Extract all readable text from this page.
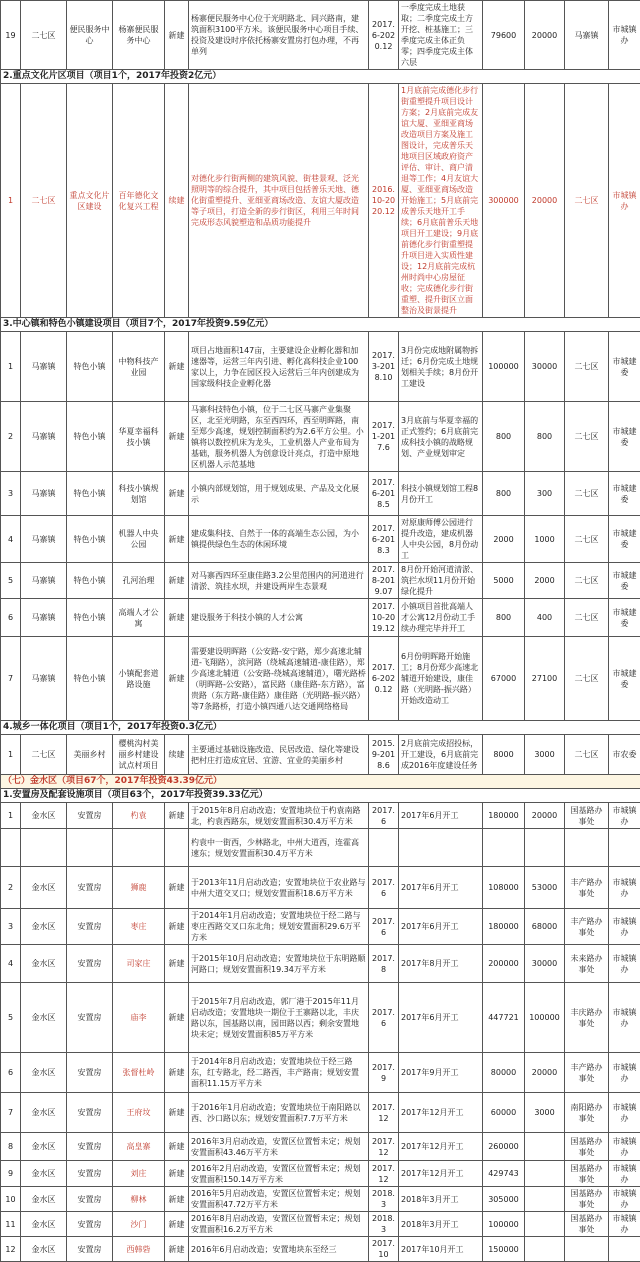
19	二七区	便民服务中心	杨寨便民服务中心	新建	杨寨便民服务中心位于光明路北、同兴路南，建筑面积3100平方米。该便民服务中心项目手续、投资及建设时序依托杨寨安置房打包办理，不再单列	2017.6-2020.12	一季度完成土地获取；二季度完成土方开挖、桩基施工；三季度完成主体正负零；四季度完成主体六层	79600	20000	马寨镇	市城镇办
2.重点文化片区项目（项目1个，2017年投资2亿元）											
1	二七区	重点文化片区建设	百年德化文化复兴工程	续建	对德化步行街两侧的建筑风貌、街巷景观、泛光照明等的综合提升，其中项目包括普乐天地、德化街重塑提升、亚细亚商场改造、友谊大厦改造等子项目，打造全新的步行街区，利用三年时间完成形态风貌塑造和品质功能提升	2016.10-2020.12	1月底前完成德化步行街重塑提升项目设计方案；2月底前完成友谊大厦、亚细亚商场改造项目方案及施工图设计，完成普乐天地项目区域政府资产评估、审计、商户清退等工作；4月友谊大厦、亚细亚商场改造开始施工；5月底前完成普乐天地开工手续；6月底前普乐天地项目开工建设；9月底前德化步行街重塑提升项目进入实质性建设；12月底前完成杭州时尚中心房屋征收；完成德化步行街重塑、提升街区立面整治及街景提升	300000	20000	二七区	市城镇办
3.中心镇和特色小镇建设项目（项目7个，2017年投资9.59亿元）											
1	马寨镇	特色小镇	中物科技产业园	新建	项目占地面积147亩，主要建设企业孵化器和加速器等，运营三年内引进、孵化高科技企业100家以上，力争在园区投入运营后三年内创建成为国家级科技企业孵化器	2017.3-2018.10	3月份完成地附属物拆迁；6月份完成土地规划相关手续；8月份开工建设	100000	30000	二七区	市城建委
2	马寨镇	特色小镇	华夏幸福科技小镇	新建	马寨科技特色小镇，位于二七区马寨产业集聚区，北至光明路，东至西四环，西至明晖路，南至郑少高速，规划控制面积约为2.6平方公里。小镇将以数控机床为龙头，工业机器人产业布局为基础，服务机器人为创意设计亮点，打造中原地区机器人示范基地	2017.1-2017.6	3月底前与华夏幸福的正式签约；6月底前完成科技小镇的战略规划、产业规划审定	800	800	二七区	市城建委
3	马寨镇	特色小镇	科技小镇规划馆	新建	小镇内部规划馆，用于规划成果、产品及文化展示	2017.6-2018.5	科技小镇规划馆工程8月份开工	800	300	二七区	市城建委
4	马寨镇	特色小镇	机器人中央公园	新建	建成集科技、自然于一体的高端生态公园，为小镇提供绿色生态的休闲环境	2017.6-2018.3	对原康师傅公园进行提升改造，建成机器人中央公园，8月份动工	2000	1000	二七区	市城建委
5	马寨镇	特色小镇	孔河治理	新建	对马寨西四环至康佳路3.2公里范围内的河道进行清淤、筑挂水坝，并建设两岸生态景观	2017.8-2019.07	8月份开始河道清淤、筑拦水坝11月份开始绿化提升	5000	2000	二七区	市城建委
6	马寨镇	特色小镇	高端人才公寓	新建	建设服务于科技小镇的人才公寓	2017.10-2019.12	小镇项目首批高端人才公寓12月份动工手续办理完毕并开工	800	400	二七区	市城建委
7	马寨镇	特色小镇	小镇配套道路设施	新建	需要建设明晖路（公安路-安宁路，郑少高速北辅道-飞翔路），滨河路（绕城高速辅道-康佳路），郑少高速北辅道（公安路-绕城高速辅道），曙光路桥（明晖路-公安路），富民路（康佳路-东方路），富贵路（东方路-康佳路）康佳路（光明路-振兴路）等7条路桥，打造小镇四通八达交通网络格局	2017.6-2020.12	6月份明晖路开始施工；8月份郑少高速北辅道开始建设，康佳路（光明路-振兴路）开始改造动工	67000	27100	二七区	市城建委
4.城乡一体化项目（项目1个，2017年投资0.3亿元）											
1	二七区	美丽乡村	樱桃沟村美丽乡村建设试点村项目	续建	主要通过基础设施改造、民居改造、绿化等建设把村庄打造成宜居、宜游、宜业的美丽乡村	2015.9-2018.6	2月底前完成招投标，开工建设，6月底前完成2016年度建设任务	8000	3000	二七区	市农委
（七）金水区（项目67个，2017年投资43.39亿元）											
1.安置房及配套设施项目（项目63个，2017年投资39.33亿元）											
1	金水区	安置房	杓袁	新建	于2015年8月启动改造；安置地块位于杓袁南路北，杓袁西路东，规划安置面积30.4万平方米	2017.6	2017年6月开工	180000	20000	国基路办事处	市城镇办
					杓袁中一街西，少林路北，中州大道西，连霍高速东；规划安置面积30.4万平方米						
2	金水区	安置房	狮鹿	新建	于2013年11月启动改造；安置地块位于农业路与中州大道交叉口；规划安置面积18.6万平方米	2017.6	2017年6月开工	108000	53000	丰产路办事处	市城镇办
3	金水区	安置房	枣庄	新建	于2014年1月启动改造；安置地块位于经二路与枣庄西路交叉口东北角；规划安置面积29.6万平方米	2017.6	2017年6月开工	180000	68000	丰产路办事处	市城镇办
4	金水区	安置房	司家庄	新建	于2015年10月启动改造；安置地块位于东明路顺河路口；规划安置面积19.34万平方米	2017.8	2017年8月开工	200000	30000	未来路办事处	市城镇办
5	金水区	安置房	庙李	新建	于2015年7月启动改造，郭厂港于2015年11月启动改造；安置地块一期位于王寨路以北，丰庆路以东，国基路以南，园田路以西；剩余安置地块未定；规划安置面积85万平方米	2017.6	2017年6月开工	447721	100000	丰庆路办事处	市城镇办
6	金水区	安置房	张督杜岭	新建	于2014年8月启动改造；安置地块位于经三路东，红专路北，经二路西，丰产路南；规划安置面积11.15万平方米	2017.9	2017年9月开工	80000	20000	丰产路办事处	市城镇办
7	金水区	安置房	王府坟	新建	于2016年1月启动改造；安置地块位于南阳路以西、沙口路以东；规划安置面积7.7万平方米	2017.12	2017年12月开工	60000	3000	南阳路办事处	市城镇办
8	金水区	安置房	高皇寨	新建	2016年3月启动改造，安置区位置暂未定；规划安置面积43.46万平方米	2017.12	2017年12月开工	260000		国基路办事处	市城镇办
9	金水区	安置房	刘庄	新建	2016年2月启动改造，安置区位置暂未定；规划安置面积150.14万平方米	2017.12	2017年12月开工	429743		国基路办事处	市城镇办
10	金水区	安置房	柳林	新建	2016年5月启动改造，安置区位置暂未定；规划安置面积47.72万平方米	2018.3	2018年3月开工	305000		国基路办事处	市城镇办
11	金水区	安置房	沙门	新建	2016年8月启动改造，安置区位置暂未定；规划安置面积16.2万平方米	2018.3	2018年3月开工	100000		国基路办事处	市城镇办
12	金水区	安置房	西韩砦	新建	2016年6月启动改造；安置地块东至经三	2017.10	2017年10月开工	150000			
